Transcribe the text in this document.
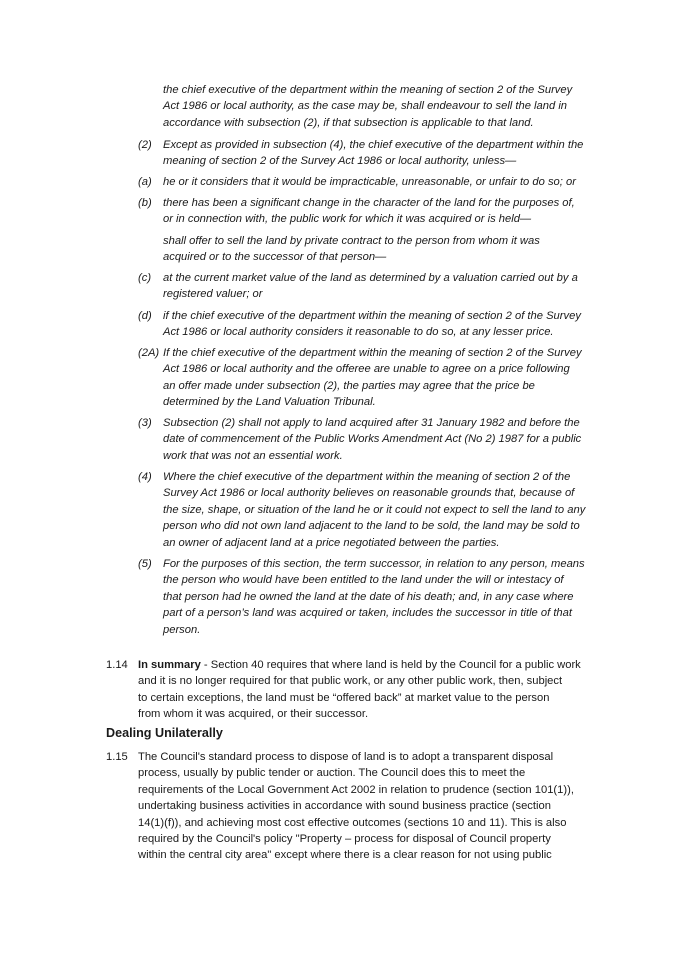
the chief executive of the department within the meaning of section 2 of the Survey
Act 1986 or local authority, as the case may be, shall endeavour to sell the land in
accordance with subsection (2), if that subsection is applicable to that land.
(2) Except as provided in subsection (4), the chief executive of the department within the
meaning of section 2 of the Survey Act 1986 or local authority, unless—
(a) he or it considers that it would be impracticable, unreasonable, or unfair to do so; or
(b) there has been a significant change in the character of the land for the purposes of,
or in connection with, the public work for which it was acquired or is held—
shall offer to sell the land by private contract to the person from whom it was
acquired or to the successor of that person—
(c) at the current market value of the land as determined by a valuation carried out by a
registered valuer; or
(d) if the chief executive of the department within the meaning of section 2 of the Survey
Act 1986 or local authority considers it reasonable to do so, at any lesser price.
(2A) If the chief executive of the department within the meaning of section 2 of the Survey
Act 1986 or local authority and the offeree are unable to agree on a price following
an offer made under subsection (2), the parties may agree that the price be
determined by the Land Valuation Tribunal.
(3) Subsection (2) shall not apply to land acquired after 31 January 1982 and before the
date of commencement of the Public Works Amendment Act (No 2) 1987 for a public
work that was not an essential work.
(4) Where the chief executive of the department within the meaning of section 2 of the
Survey Act 1986 or local authority believes on reasonable grounds that, because of
the size, shape, or situation of the land he or it could not expect to sell the land to any
person who did not own land adjacent to the land to be sold, the land may be sold to
an owner of adjacent land at a price negotiated between the parties.
(5) For the purposes of this section, the term successor, in relation to any person, means
the person who would have been entitled to the land under the will or intestacy of
that person had he owned the land at the date of his death; and, in any case where
part of a person’s land was acquired or taken, includes the successor in title of that
person.
1.14 In summary - Section 40 requires that where land is held by the Council for a public work
and it is no longer required for that public work, or any other public work, then, subject
to certain exceptions, the land must be “offered back” at market value to the person
from whom it was acquired, or their successor.
Dealing Unilaterally
1.15 The Council's standard process to dispose of land is to adopt a transparent disposal
process, usually by public tender or auction. The Council does this to meet the
requirements of the Local Government Act 2002 in relation to prudence (section 101(1)),
undertaking business activities in accordance with sound business practice (section
14(1)(f)), and achieving most cost effective outcomes (sections 10 and 11). This is also
required by the Council's policy "Property – process for disposal of Council property
within the central city area" except where there is a clear reason for not using public
